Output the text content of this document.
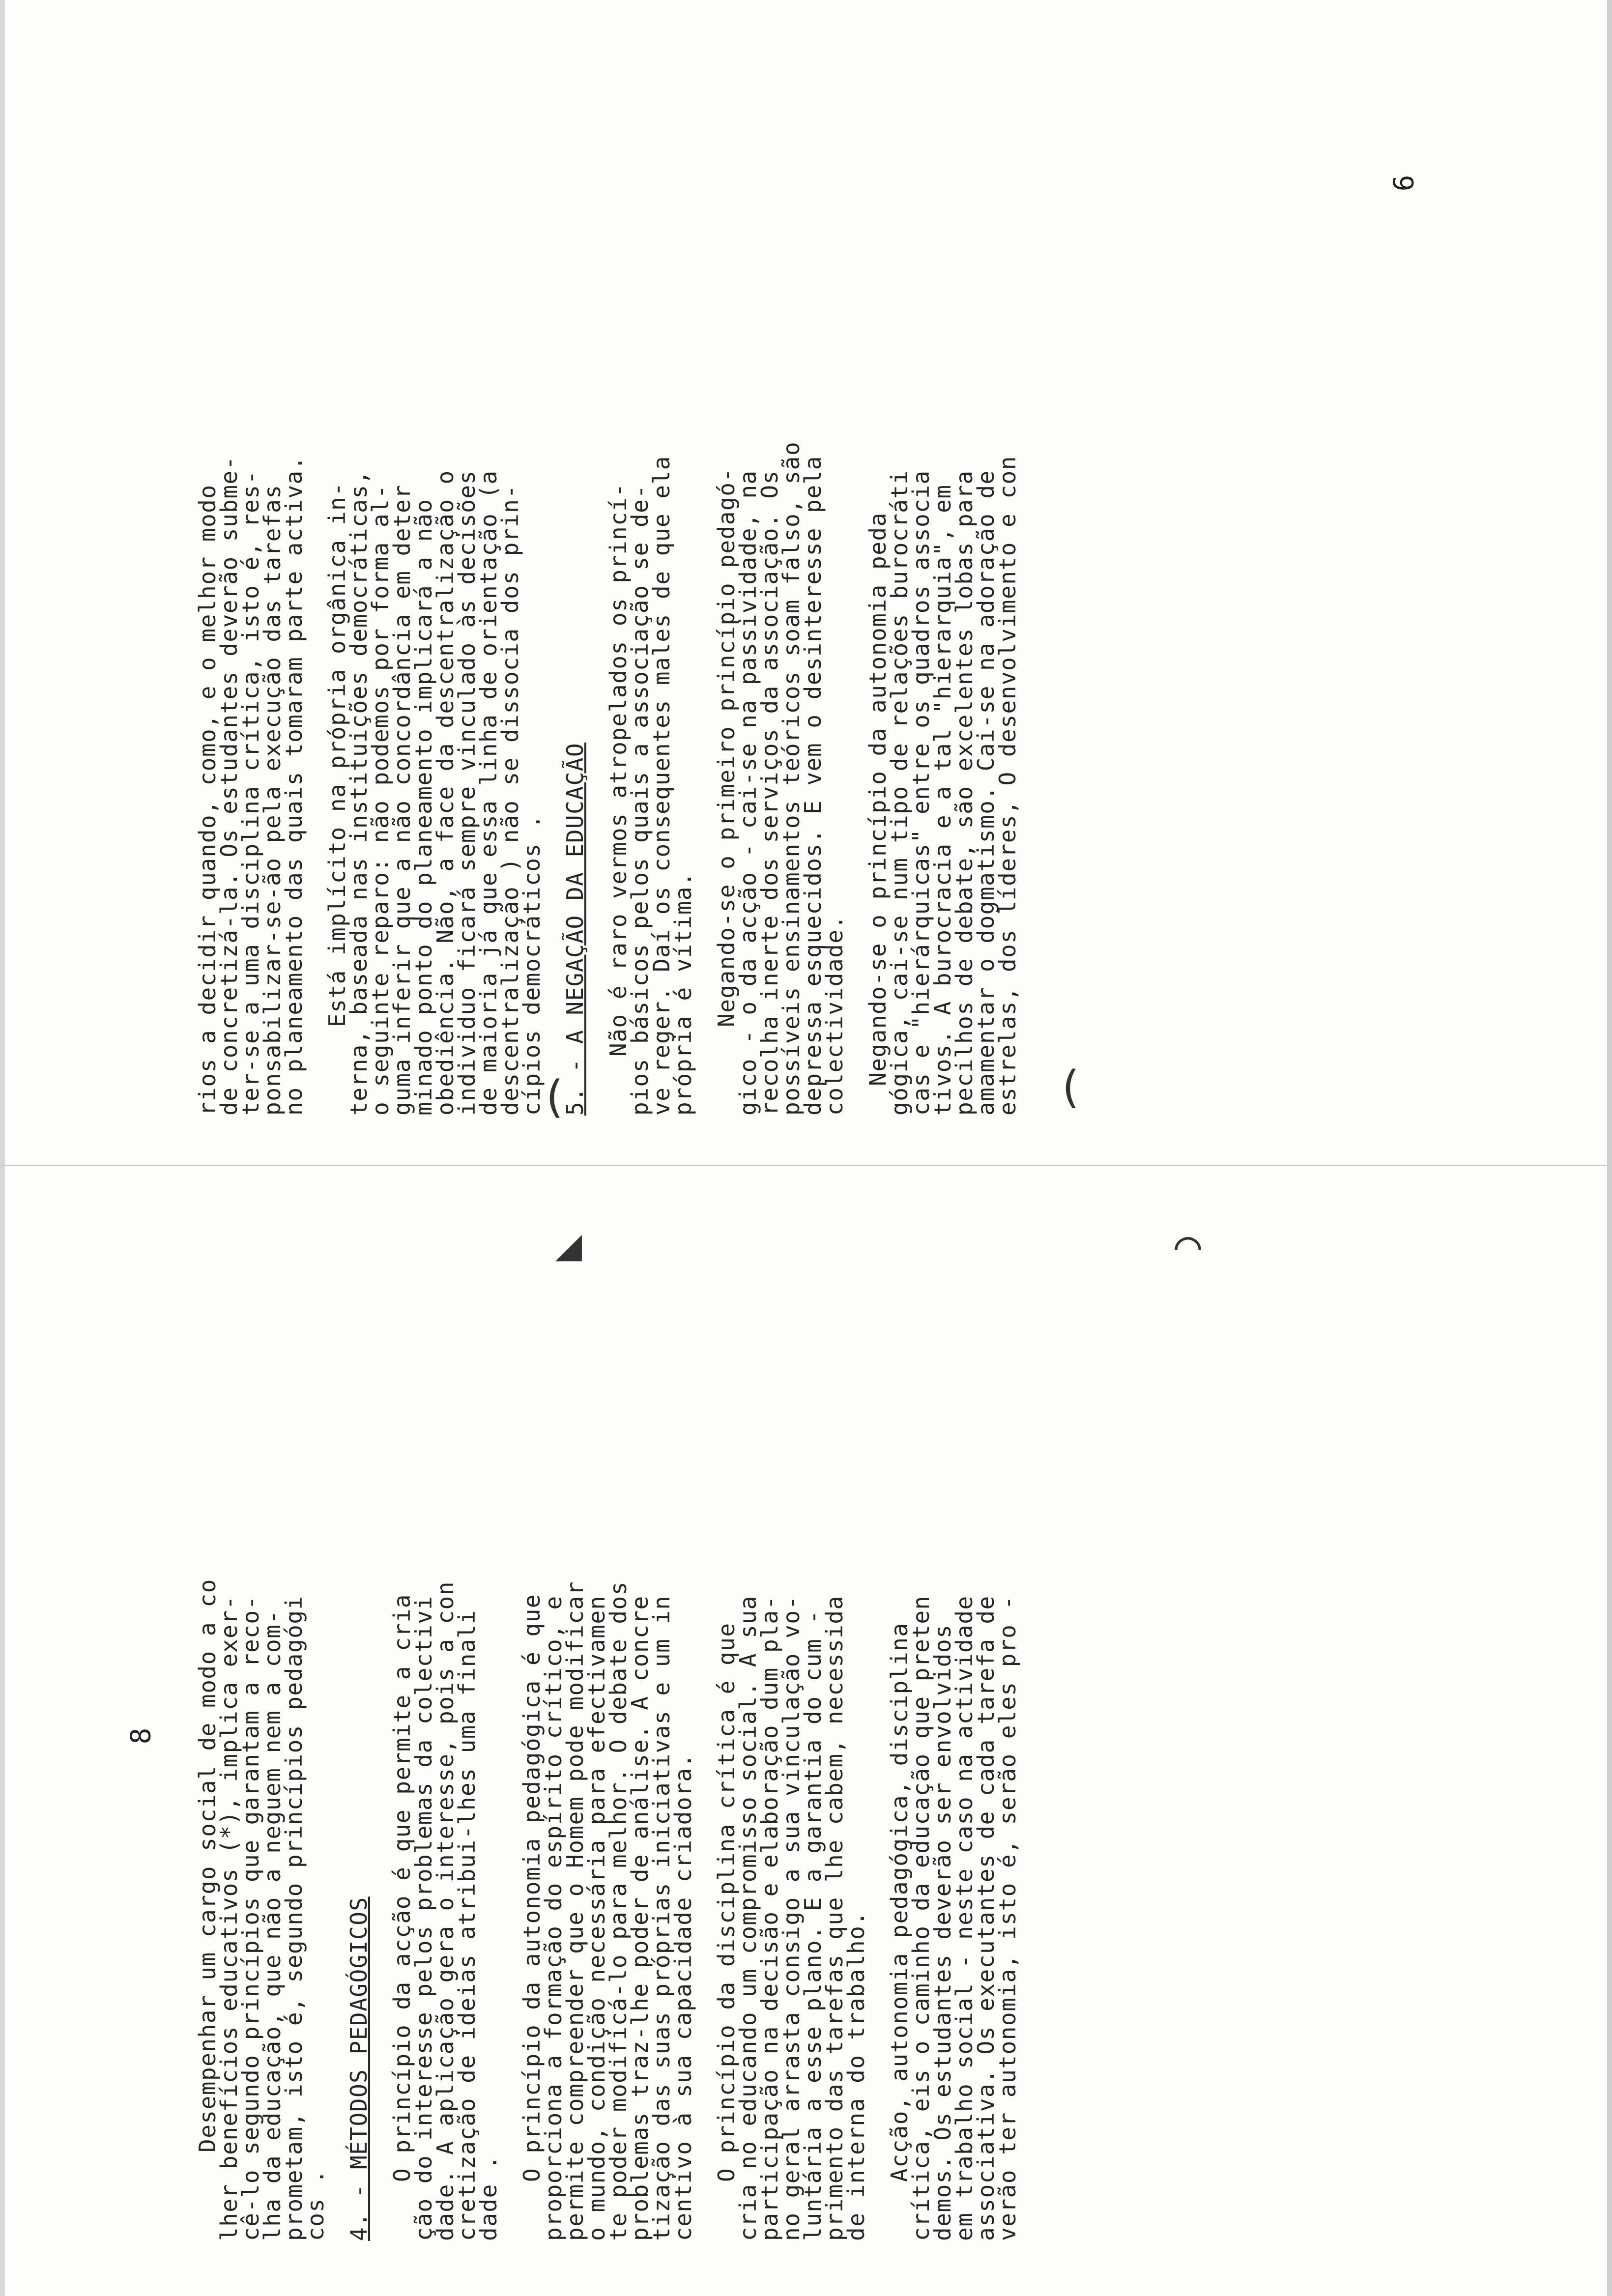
6
8

rios a decidir quando, como, e o melhor modo
de concretizá-la. Os estudantes deverão subme-
ter-se a uma disciplina crítica, isto é, res-
ponsabilizar-se-ão pela execução das tarefas
no planeamento das quais tomaram parte activa.

Está implícito na própria orgânica in-
terna, baseada nas instituições democráticas,
o seguinte reparo: não podemos por forma al-
guma inferir que a não concordância em deter
minado ponto do planeamento implicará a não
obediência. Não, a face da descentralização o
individuo ficará sempre vinculado às decisões
de maioria já que essa linha de orientação (a
descentralização ) não se dissocia dos prin-
cípios democráticos . 5. - A NEGAÇÃO DA EDUCAÇÃO Não é raro vermos atropelados os princí-
pios básicos pelos quais a associação se de-
ve reger. Daí os consequentes males de que ela
própria é vítima. Negando-se o primeiro princípio pedagó-
gico - o da acção - cai-se na passividade, na
recolha inerte dos serviços da associação. Os
possíveis ensinamentos teóricos soam falso, são
depressa esquecidos. E vem o desinteresse pela
colectividade. Negando-se o princípio da autonomia peda
gógica, cai-se num tipo de relações burocráti
cas e "hierárquicas" entre os quadros associa
tivos. A burocracia e a tal "hierarquia", em
pecilhos de debate, são excelentes lobas para
amamentar o dogmatismo. Cai-se na adoração de
estrelas, dos líderes, O desenvolvimento e con

Desempenhar um cargo social de modo a co
lher benefícios educativos (*), implica exer-
cê-lo segundo princípios que garantam a reco-
lha da educação, que não a neguem nem a com-
prometam, isto é, segundo princípios pedagógi
cos . 4. - MÉTODOS PEDAGÓGICOS O princípio da acção é que permite a cria
ção do interesse pelos problemas da colectivi
dade. A aplicação gera o interesse, pois a con
cretização de ideias atribui-lhes uma finali
dade .

O princípio da autonomia pedagógica é que
proporciona a formação do espírito crítico, e
permite compreender que o Homem pode modificar
o mundo, condição necessária para efectivamen
te poder modificá-lo para melhor. O debate dos
problemas traz-lhe poder de análise. A concre
tização das suas próprias iniciativas e um in
centivo à sua capacidade criadora.

O princípio da disciplina crítica é que
cria no educando um compromisso social. A sua
participação na decisão e elaboração dum pla-
no geral arrasta consigo a sua vinculação vo-
luntária a esse plano. E a garantia do cum -
primento das tarefas que lhe cabem, necessida
de interna do trabalho.

Acção, autonomia pedagógica, disciplina
crítica, eis o caminho da educação que preten
demos. Os estudantes deverão ser envolvidos
em trabalho social - neste caso na actividade
associativa. Os executantes de cada tarefa de
verão ter autonomia, isto é, serão eles pro -

(	(
◢	⌒
